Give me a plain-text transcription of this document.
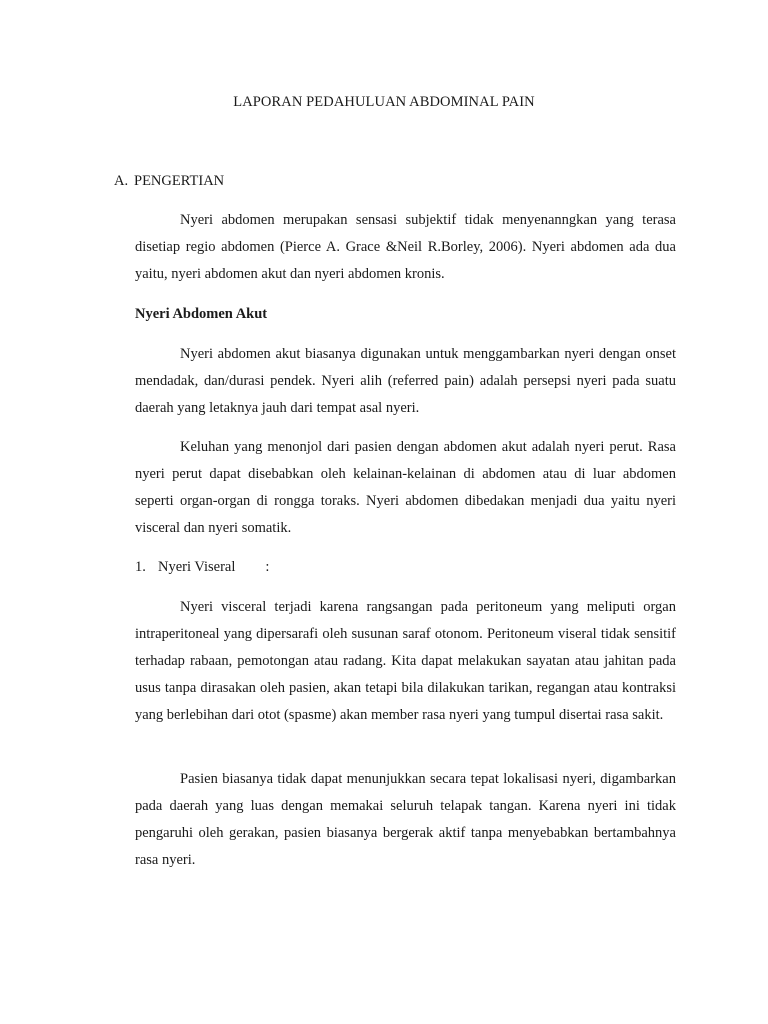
LAPORAN PEDAHULUAN ABDOMINAL PAIN
A. PENGERTIAN

Nyeri abdomen merupakan sensasi subjektif tidak menyenanngkan yang terasa disetiap regio abdomen (Pierce A. Grace &Neil R.Borley, 2006). Nyeri abdomen ada dua yaitu, nyeri abdomen akut dan nyeri abdomen kronis.

Nyeri Abdomen Akut

Nyeri abdomen akut biasanya digunakan untuk menggambarkan nyeri dengan onset mendadak, dan/durasi pendek. Nyeri alih (referred pain) adalah persepsi nyeri pada suatu daerah yang letaknya jauh dari tempat asal nyeri.

Keluhan yang menonjol dari pasien dengan abdomen akut adalah nyeri perut. Rasa nyeri perut dapat disebabkan oleh kelainan-kelainan di abdomen atau di luar abdomen seperti organ-organ di rongga toraks. Nyeri abdomen dibedakan menjadi dua yaitu nyeri visceral dan nyeri somatik.

1. Nyeri Viseral :

Nyeri visceral terjadi karena rangsangan pada peritoneum yang meliputi organ intraperitoneal yang dipersarafi oleh susunan saraf otonom. Peritoneum viseral tidak sensitif terhadap rabaan, pemotongan atau radang. Kita dapat melakukan sayatan atau jahitan pada usus tanpa dirasakan oleh pasien, akan tetapi bila dilakukan tarikan, regangan atau kontraksi yang berlebihan dari otot (spasme) akan member rasa nyeri yang tumpul disertai rasa sakit.

Pasien biasanya tidak dapat menunjukkan secara tepat lokalisasi nyeri, digambarkan pada daerah yang luas dengan memakai seluruh telapak tangan. Karena nyeri ini tidak pengaruhi oleh gerakan, pasien biasanya bergerak aktif tanpa menyebabkan bertambahnya rasa nyeri.
